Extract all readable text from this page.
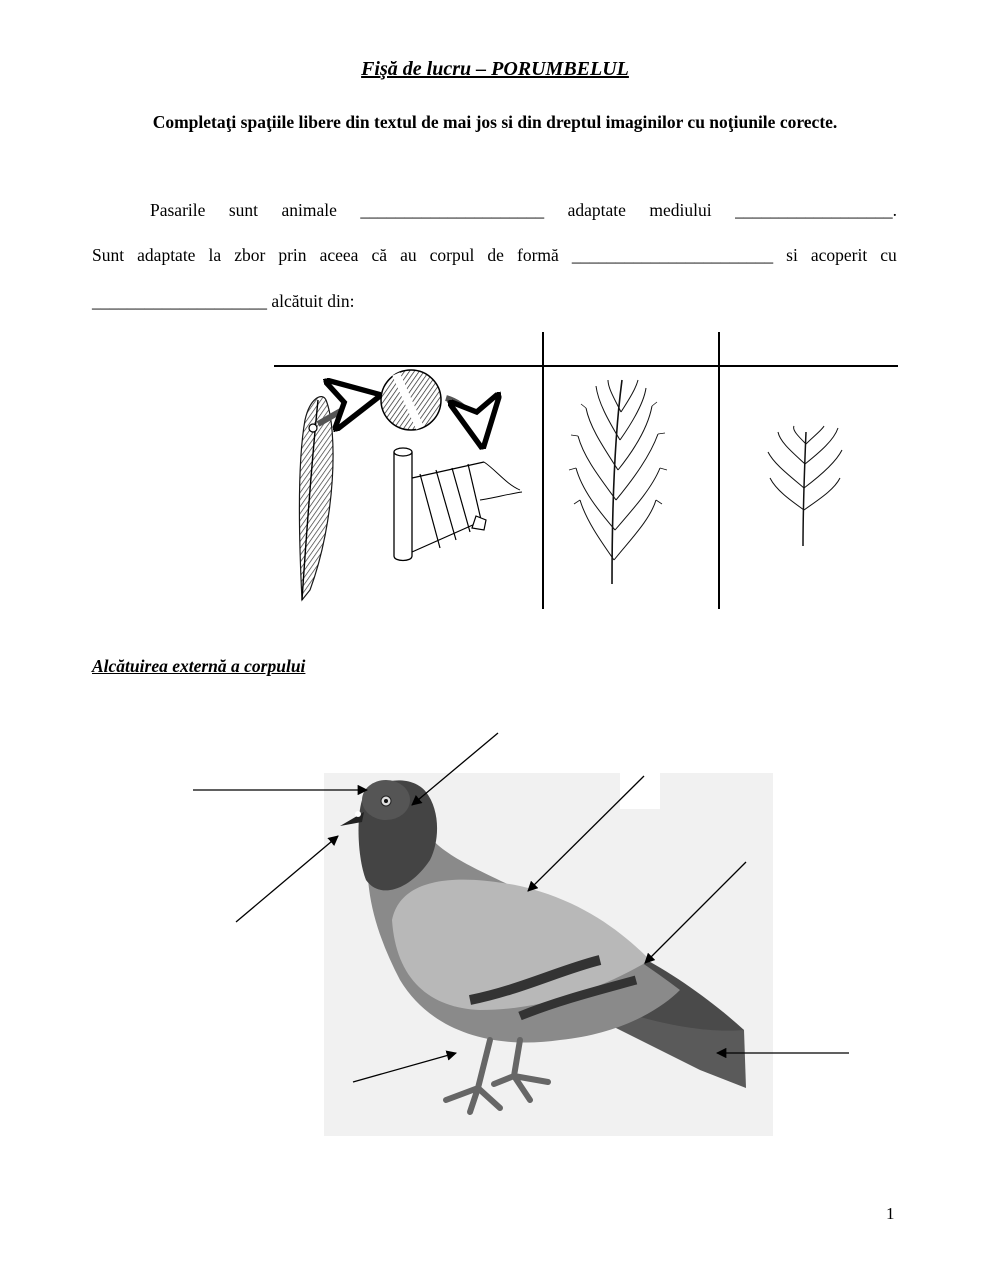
Fişă de lucru – PORUMBELUL
Completaţi spaţiile libere din textul de mai jos si din dreptul imaginilor cu noţiunile corecte.
Pasarile sunt animale _____________________ adaptate mediului __________________.
Sunt adaptate la zbor prin aceea că au corpul de formă _______________________ si acoperit cu
____________________ alcătuit din:
Alcătuirea externă a corpului
1
